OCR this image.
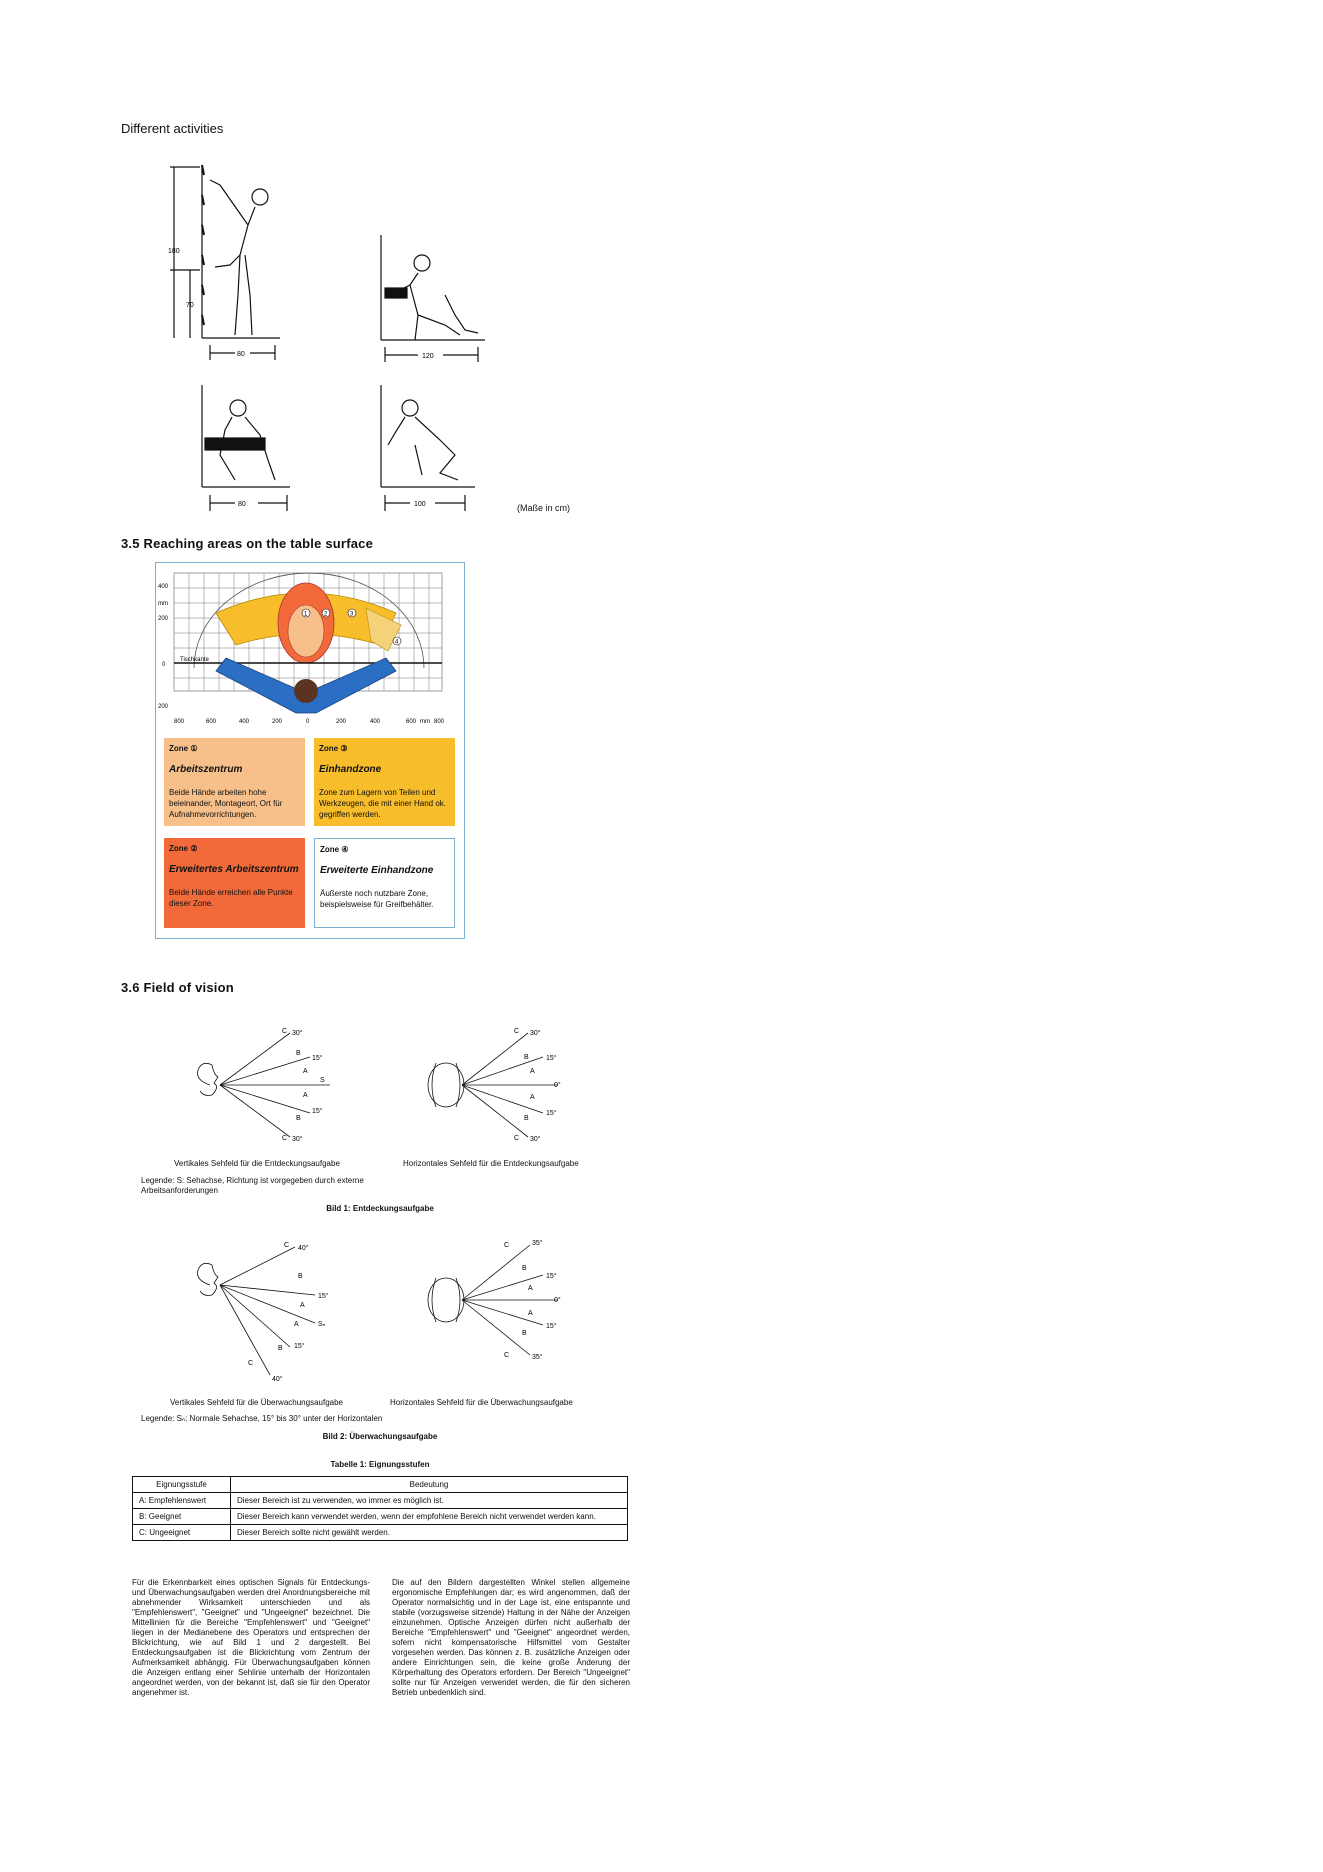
Different activities
180
70
80	120
80	100	(Maße in cm)
3.5 Reaching areas on the table surface
1	2	3
4
400
mm
200
0
200
Tischkante
800	600	400	200	0	200	400	600 mm 800
Zone ①
Arbeitszentrum
Beide Hände arbeiten hohe beieinander, Montageort, Ort für Aufnahmevorrichtungen.
Zone ③
Einhandzone
Zone zum Lagern von Teilen und Werkzeugen, die mit einer Hand ok. gegriffen werden.
Zone ②
Erweitertes Arbeitszentrum
Beide Hände erreichen alle Punkte dieser Zone.
Zone ④
Erweiterte Einhandzone
Äußerste noch nutzbare Zone, beispielsweise für Greifbehälter.
3.6 Field of vision
C 30°
B
15°
A
S
A
15°
B
C 30°
C 30°
B 15°
A
0°
A
15°
B
C 30°
Vertikales Sehfeld für die Entdeckungsaufgabe	Horizontales Sehfeld für die Entdeckungsaufgabe
Legende: S: Sehachse, Richtung ist vorgegeben durch externe Arbeitsanforderungen
Bild 1: Entdeckungsaufgabe
C 40°
B
15°
A
Sₙ
A
B 15°
C
40°
C	35°
B
15°
A
0°
A
15°
B
C	35°
Vertikales Sehfeld für die Überwachungsaufgabe	Horizontales Sehfeld für die Überwachungsaufgabe
Legende: Sₙ: Normale Sehachse, 15° bis 30° unter der Horizontalen
Bild 2: Überwachungsaufgabe
Tabelle 1: Eignungsstufen
Eignungsstufe	Bedeutung
A: Empfehlenswert	Dieser Bereich ist zu verwenden, wo immer es möglich ist.
B: Geeignet	Dieser Bereich kann verwendet werden, wenn der empfohlene Bereich nicht verwendet werden kann.
C: Ungeeignet	Dieser Bereich sollte nicht gewählt werden.
Für die Erkennbarkeit eines optischen Signals für Entdeckungs- und Überwachungsaufgaben werden drei Anordnungsbereiche mit abnehmender Wirksamkeit unterschieden und als "Empfehlenswert", "Geeignet" und "Ungeeignet" bezeichnet. Die Mittellinien für die Bereiche "Empfehlenswert" und "Geeignet" liegen in der Medianebene des Operators und entsprechen der Blickrichtung, wie auf Bild 1 und 2 dargestellt. Bei Entdeckungsaufgaben ist die Blickrichtung vom Zentrum der Aufmerksamkeit abhängig. Für Überwachungsaufgaben können die Anzeigen entlang einer Sehlinie unterhalb der Horizontalen angeordnet werden, von der bekannt ist, daß sie für den Operator angenehmer ist.
Die auf den Bildern dargestellten Winkel stellen allgemeine ergonomische Empfehlungen dar; es wird angenommen, daß der Operator normalsichtig und in der Lage ist, eine entspannte und stabile (vorzugsweise sitzende) Haltung in der Nähe der Anzeigen einzunehmen. Optische Anzeigen dürfen nicht außerhalb der Bereiche "Empfehlenswert" und "Geeignet" angeordnet werden, sofern nicht kompensatorische Hilfsmittel vom Gestalter vorgesehen werden. Das können z. B. zusätzliche Anzeigen oder andere Einrichtungen sein, die keine große Änderung der Körperhaltung des Operators erfordern. Der Bereich "Ungeeignet" sollte nur für Anzeigen verwendet werden, die für den sicheren Betrieb unbedenklich sind.
